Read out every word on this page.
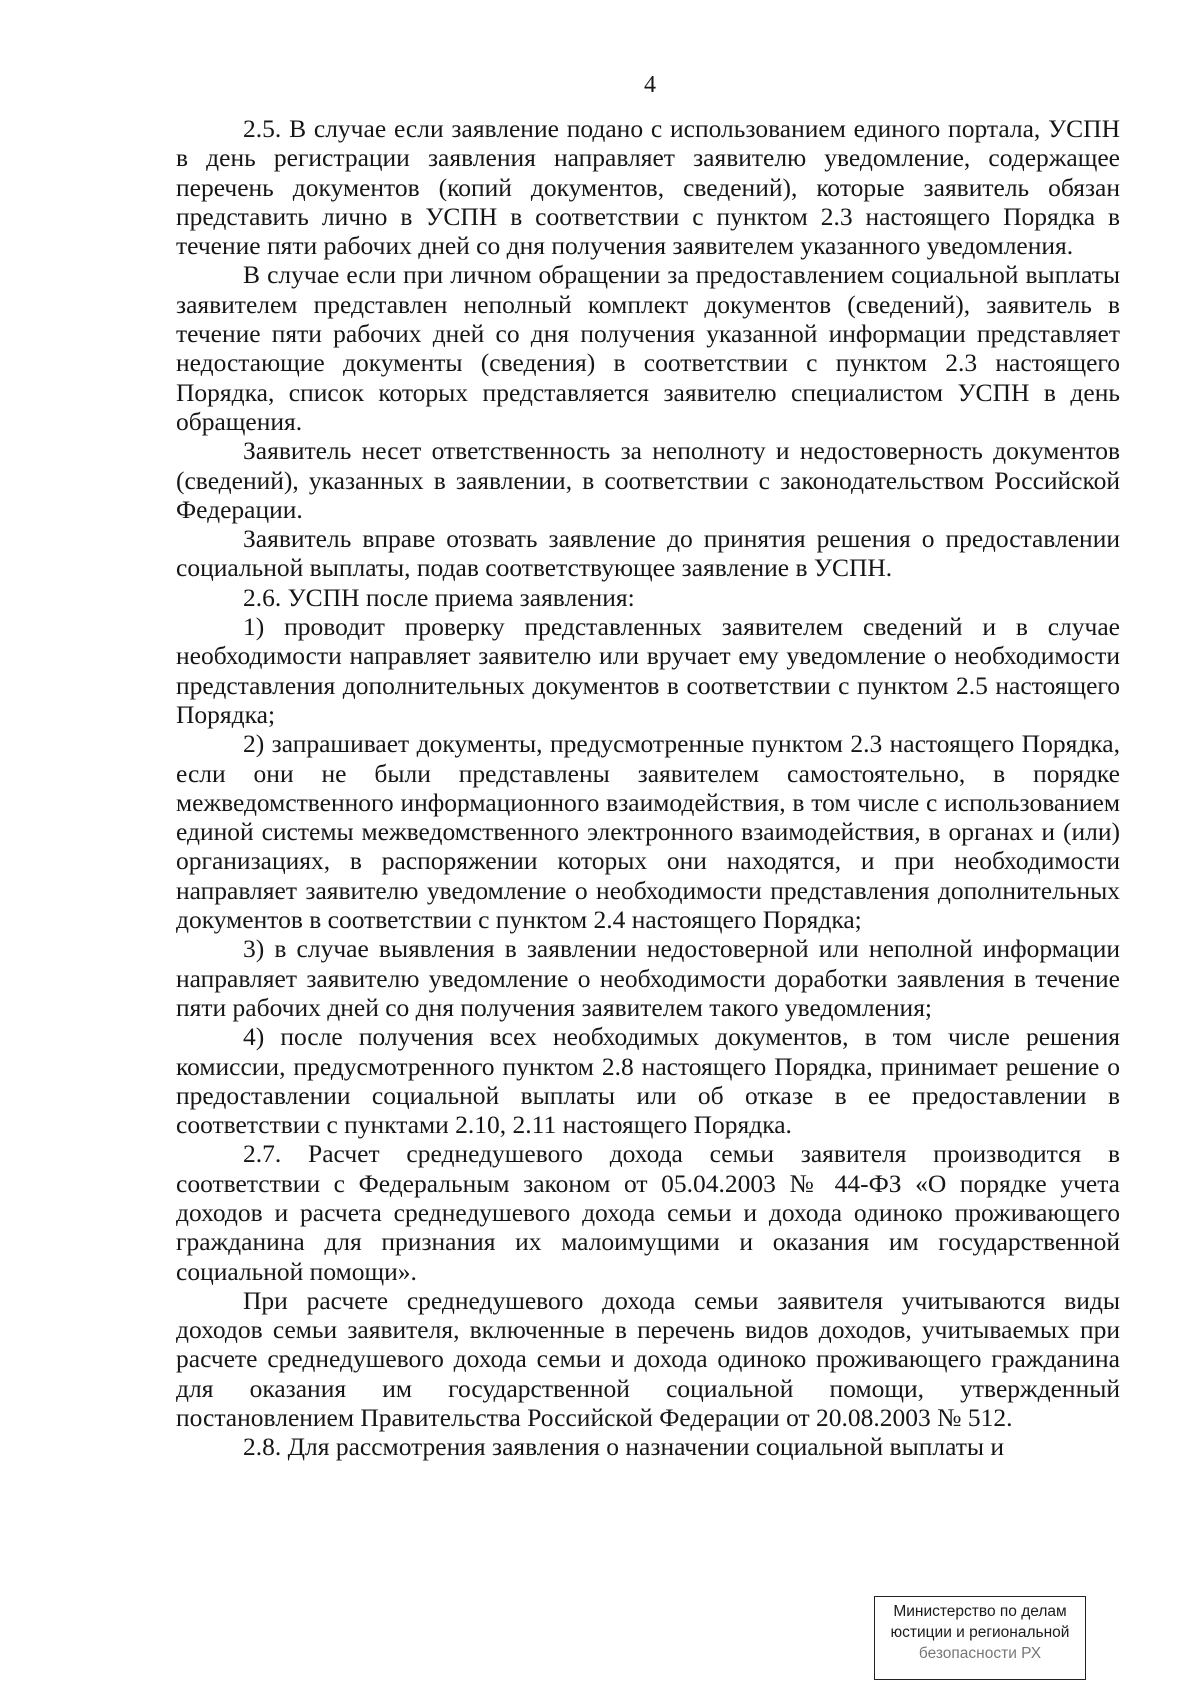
4

2.5. В случае если заявление подано с использованием единого портала, УСПН в день регистрации заявления направляет заявителю уведомление, содержащее перечень документов (копий документов, сведений), которые заявитель обязан представить лично в УСПН в соответствии с пунктом 2.3 настоящего Порядка в течение пяти рабочих дней со дня получения заявителем указанного уведомления.

В случае если при личном обращении за предоставлением социальной выплаты заявителем представлен неполный комплект документов (сведений), заявитель в течение пяти рабочих дней со дня получения указанной информации представляет недостающие документы (сведения) в соответствии с пунктом 2.3 настоящего Порядка, список которых представляется заявителю специалистом УСПН в день обращения.

Заявитель несет ответственность за неполноту и недостоверность документов (сведений), указанных в заявлении, в соответствии с законодательством Российской Федерации.

Заявитель вправе отозвать заявление до принятия решения о предоставлении социальной выплаты, подав соответствующее заявление в УСПН.

2.6. УСПН после приема заявления:

1) проводит проверку представленных заявителем сведений и в случае необходимости направляет заявителю или вручает ему уведомление о необходимости представления дополнительных документов в соответствии с пунктом 2.5 настоящего Порядка;

2) запрашивает документы, предусмотренные пунктом 2.3 настоящего Порядка, если они не были представлены заявителем самостоятельно, в порядке межведомственного информационного взаимодействия, в том числе с использованием единой системы межведомственного электронного взаимодействия, в органах и (или) организациях, в распоряжении которых они находятся, и при необходимости направляет заявителю уведомление о необходимости представления дополнительных документов в соответствии с пунктом 2.4 настоящего Порядка;

3) в случае выявления в заявлении недостоверной или неполной информации направляет заявителю уведомление о необходимости доработки заявления в течение пяти рабочих дней со дня получения заявителем такого уведомления;

4) после получения всех необходимых документов, в том числе решения комиссии, предусмотренного пунктом 2.8 настоящего Порядка, принимает решение о предоставлении социальной выплаты или об отказе в ее предоставлении в соответствии с пунктами 2.10, 2.11 настоящего Порядка.

2.7. Расчет среднедушевого дохода семьи заявителя производится в соответствии с Федеральным законом от 05.04.2003 № 44-ФЗ «О порядке учета доходов и расчета среднедушевого дохода семьи и дохода одиноко проживающего гражданина для признания их малоимущими и оказания им государственной социальной помощи».

При расчете среднедушевого дохода семьи заявителя учитываются виды доходов семьи заявителя, включенные в перечень видов доходов, учитываемых при расчете среднедушевого дохода семьи и дохода одиноко проживающего гражданина для оказания им государственной социальной помощи, утвержденный постановлением Правительства Российской Федерации от 20.08.2003 № 512.

2.8. Для рассмотрения заявления о назначении социальной выплаты и

Министерство по делам
юстиции и региональной
безопасности РХ
